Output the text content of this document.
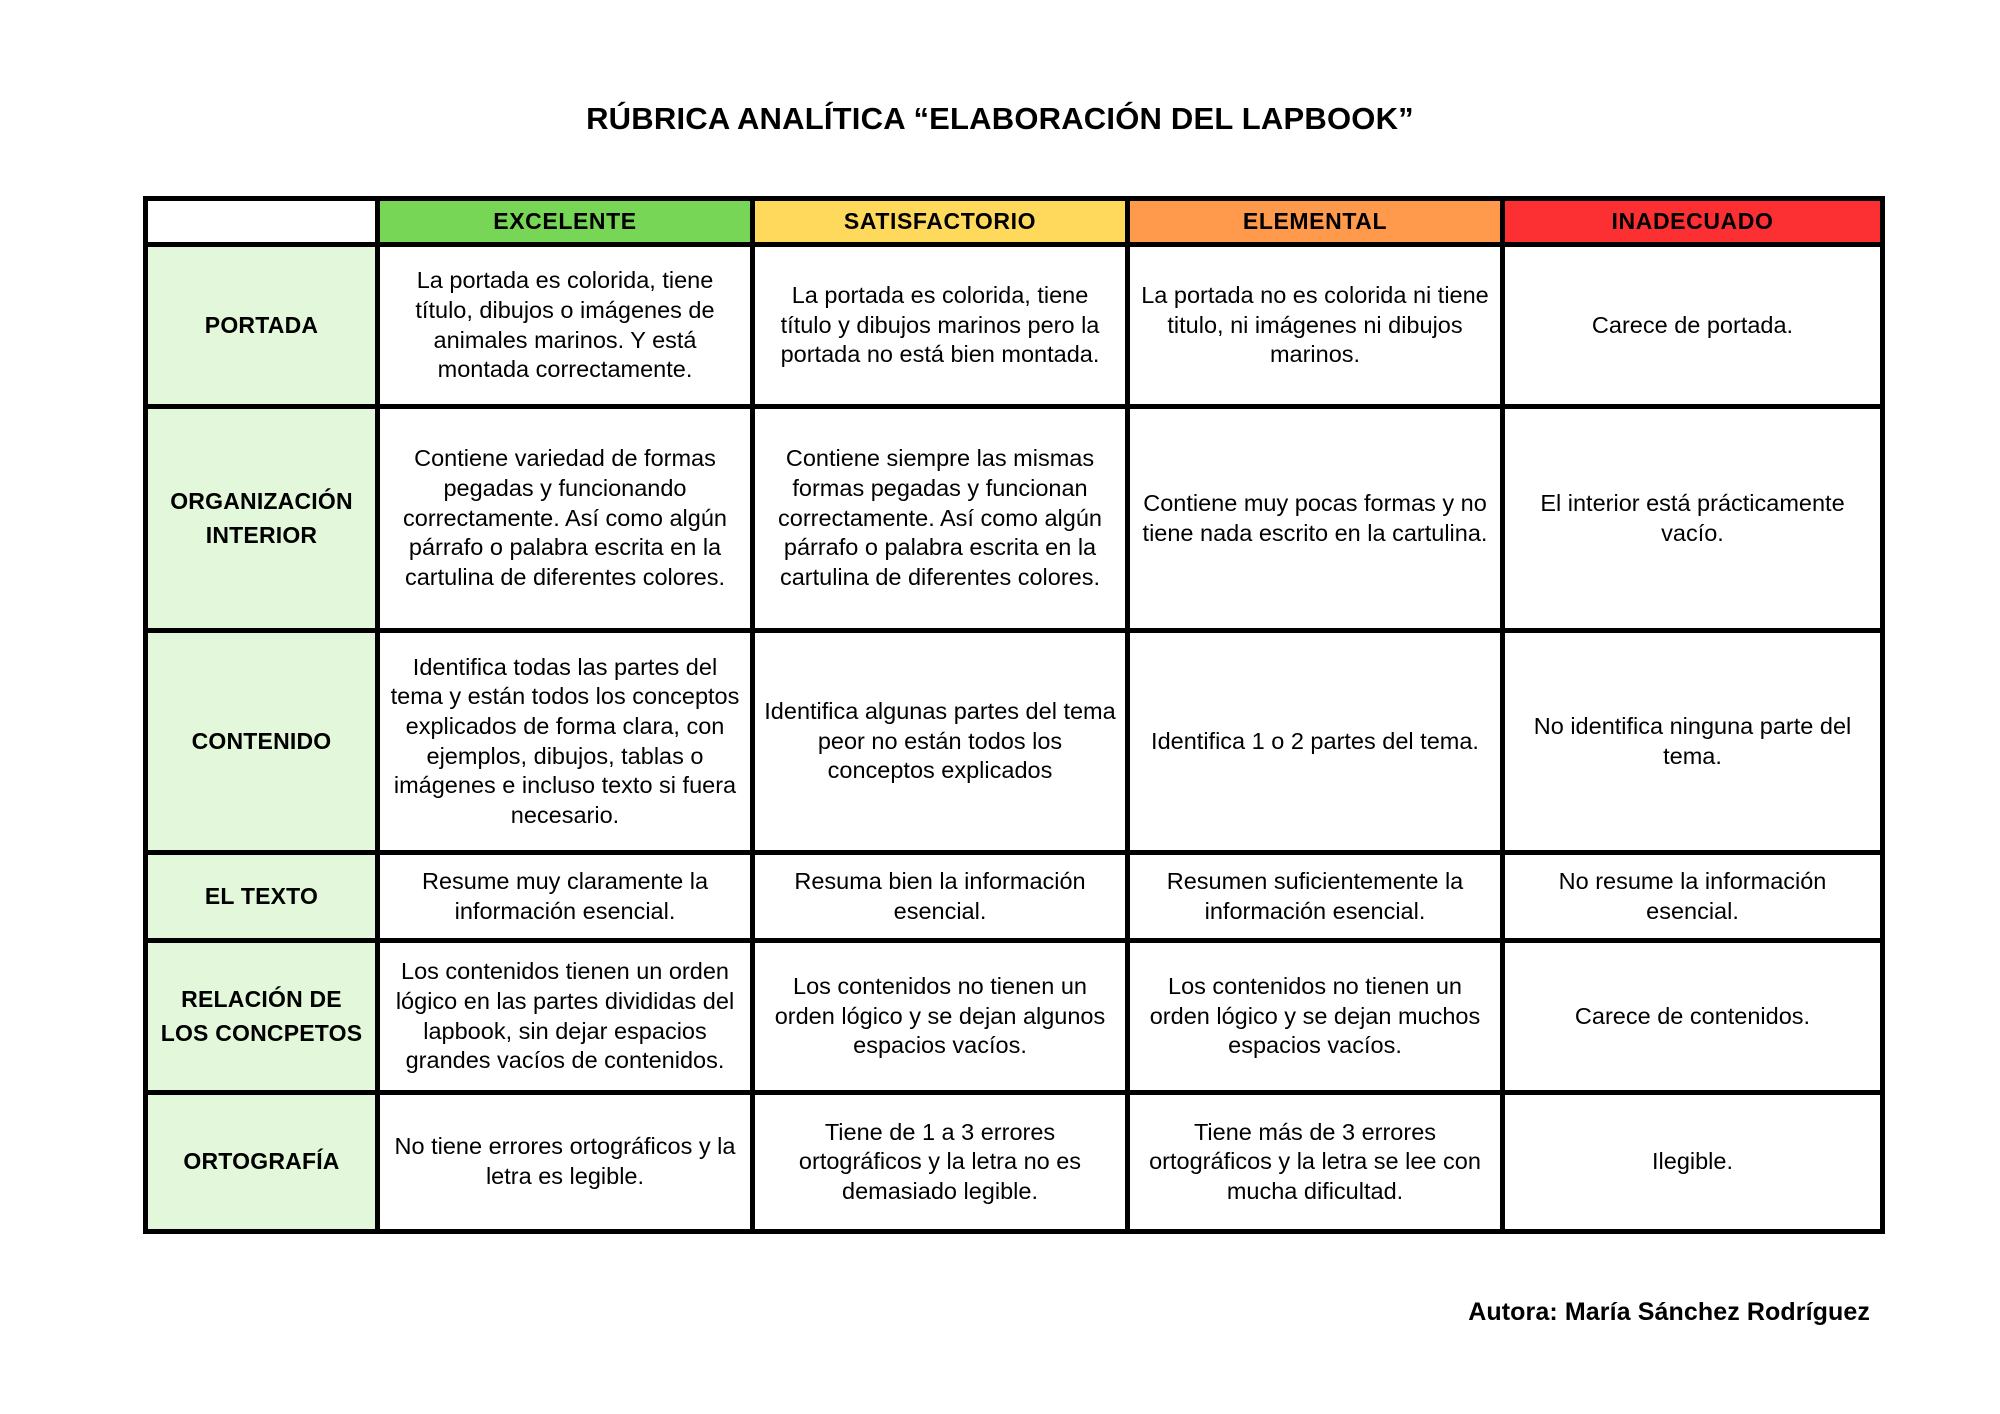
RÚBRICA ANALÍTICA “ELABORACIÓN DEL LAPBOOK”
	EXCELENTE	SATISFACTORIO	ELEMENTAL	INADECUADO
PORTADA	La portada es colorida, tiene título, dibujos o imágenes de animales marinos. Y está montada correctamente.	La portada es colorida, tiene título y dibujos marinos pero la portada no está bien montada.	La portada no es colorida ni tiene titulo, ni imágenes ni dibujos marinos.	Carece de portada.
ORGANIZACIÓN INTERIOR	Contiene variedad de formas pegadas y funcionando correctamente. Así como algún párrafo o palabra escrita en la cartulina de diferentes colores.	Contiene siempre las mismas formas pegadas y funcionan correctamente. Así como algún párrafo o palabra escrita en la cartulina de diferentes colores.	Contiene muy pocas formas y no tiene nada escrito en la cartulina.	El interior está prácticamente vacío.
CONTENIDO	Identifica todas las partes del tema y están todos los conceptos explicados de forma clara, con ejemplos, dibujos, tablas o imágenes e incluso texto si fuera necesario.	Identifica algunas partes del tema peor no están todos los conceptos explicados	Identifica 1 o 2 partes del tema.	No identifica ninguna parte del tema.
EL TEXTO	Resume muy claramente la información esencial.	Resuma bien la información esencial.	Resumen suficientemente la información esencial.	No resume la información esencial.
RELACIÓN DE LOS CONCPETOS	Los contenidos tienen un orden lógico en las partes divididas del lapbook, sin dejar espacios grandes vacíos de contenidos.	Los contenidos no tienen un orden lógico y se dejan algunos espacios vacíos.	Los contenidos no tienen un orden lógico y se dejan muchos espacios vacíos.	Carece de contenidos.
ORTOGRAFÍA	No tiene errores ortográficos y la letra es legible.	Tiene de 1 a 3 errores ortográficos y la letra no es demasiado legible.	Tiene más de 3 errores ortográficos y la letra se lee con mucha dificultad.	Ilegible.
Autora: María Sánchez Rodríguez
